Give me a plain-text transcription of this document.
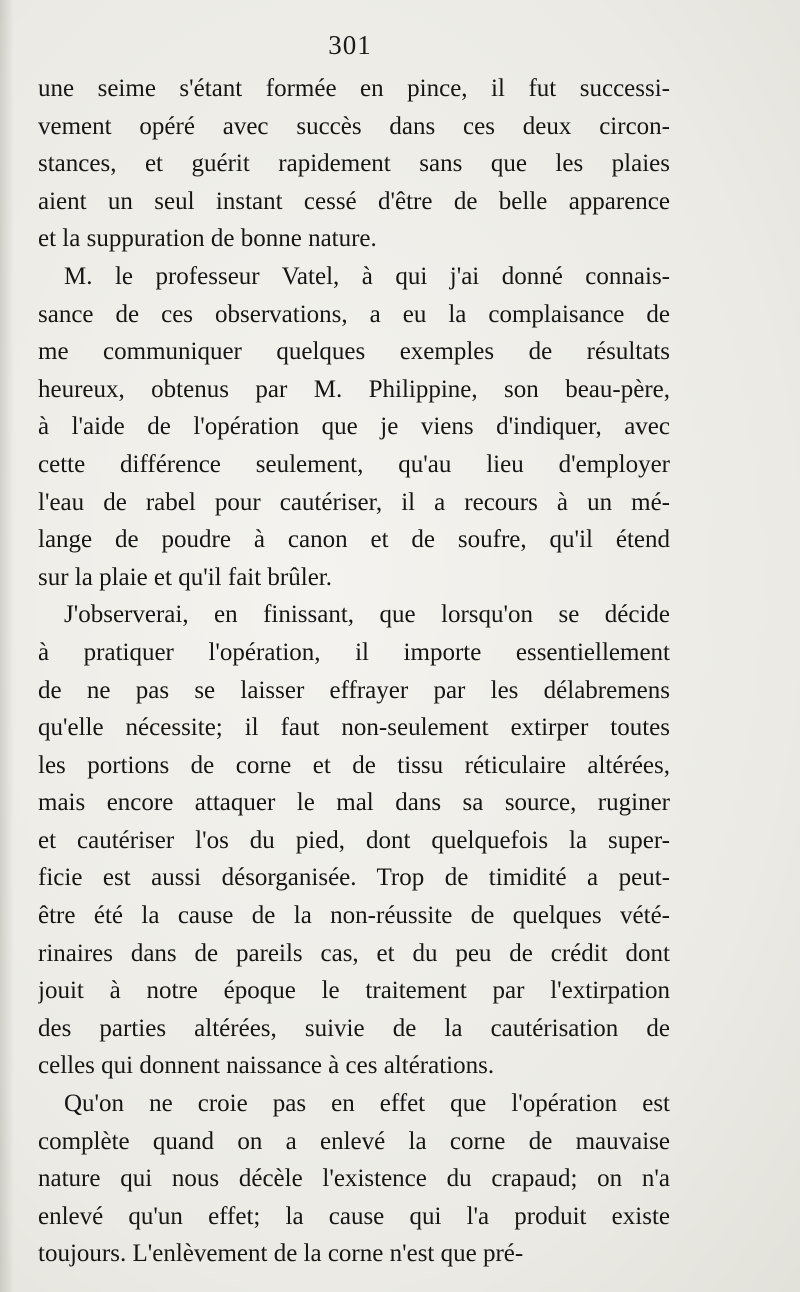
301
une seime s'étant formée en pince, il fut successi-
vement opéré avec succès dans ces deux circon-
stances, et guérit rapidement sans que les plaies
aient un seul instant cessé d'être de belle apparence
et la suppuration de bonne nature.
M. le professeur Vatel, à qui j'ai donné connais-
sance de ces observations, a eu la complaisance de
me communiquer quelques exemples de résultats
heureux, obtenus par M. Philippine, son beau-père,
à l'aide de l'opération que je viens d'indiquer, avec
cette différence seulement, qu'au lieu d'employer
l'eau de rabel pour cautériser, il a recours à un mé-
lange de poudre à canon et de soufre, qu'il étend
sur la plaie et qu'il fait brûler.
J'observerai, en finissant, que lorsqu'on se décide
à pratiquer l'opération, il importe essentiellement
de ne pas se laisser effrayer par les délabremens
qu'elle nécessite; il faut non-seulement extirper toutes
les portions de corne et de tissu réticulaire altérées,
mais encore attaquer le mal dans sa source, ruginer
et cautériser l'os du pied, dont quelquefois la super-
ficie est aussi désorganisée. Trop de timidité a peut-
être été la cause de la non-réussite de quelques vété-
rinaires dans de pareils cas, et du peu de crédit dont
jouit à notre époque le traitement par l'extirpation
des parties altérées, suivie de la cautérisation de
celles qui donnent naissance à ces altérations.
Qu'on ne croie pas en effet que l'opération est
complète quand on a enlevé la corne de mauvaise
nature qui nous décèle l'existence du crapaud; on n'a
enlevé qu'un effet; la cause qui l'a produit existe
toujours. L'enlèvement de la corne n'est que pré-
